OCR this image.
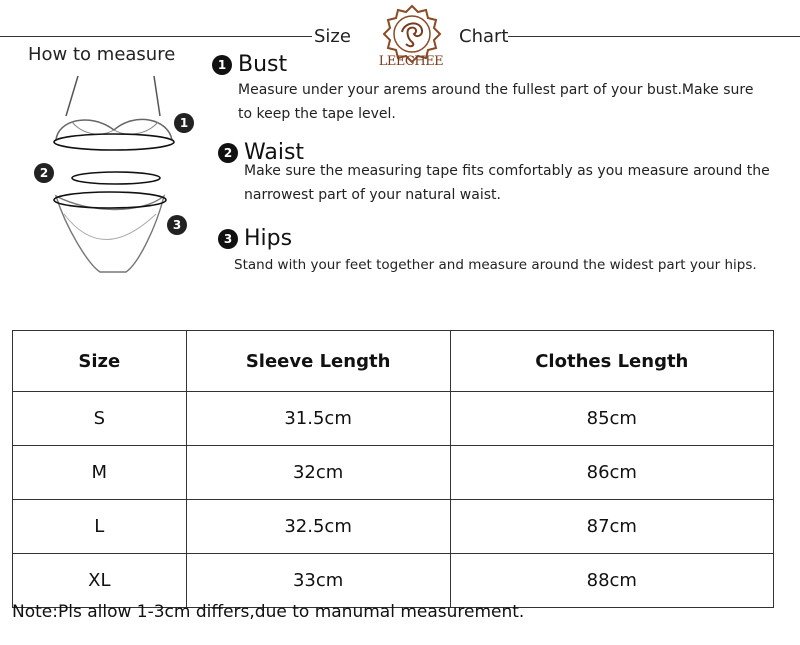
Size
LEECHEE
Chart
How to measure
1
2
3
1 Bust
Measure under your arems around the fullest part of your bust.Make sure to keep the tape level.
2 Waist
Make sure the measuring tape fits comfortably as you measure around the narrowest part of your natural waist.
3 Hips
Stand with your feet together and measure around the widest part your hips.
Size	Sleeve Length	Clothes Length
S	31.5cm	85cm
M	32cm	86cm
L	32.5cm	87cm
XL	33cm	88cm
Note:Pls allow 1-3cm differs,due to manumal measurement.
